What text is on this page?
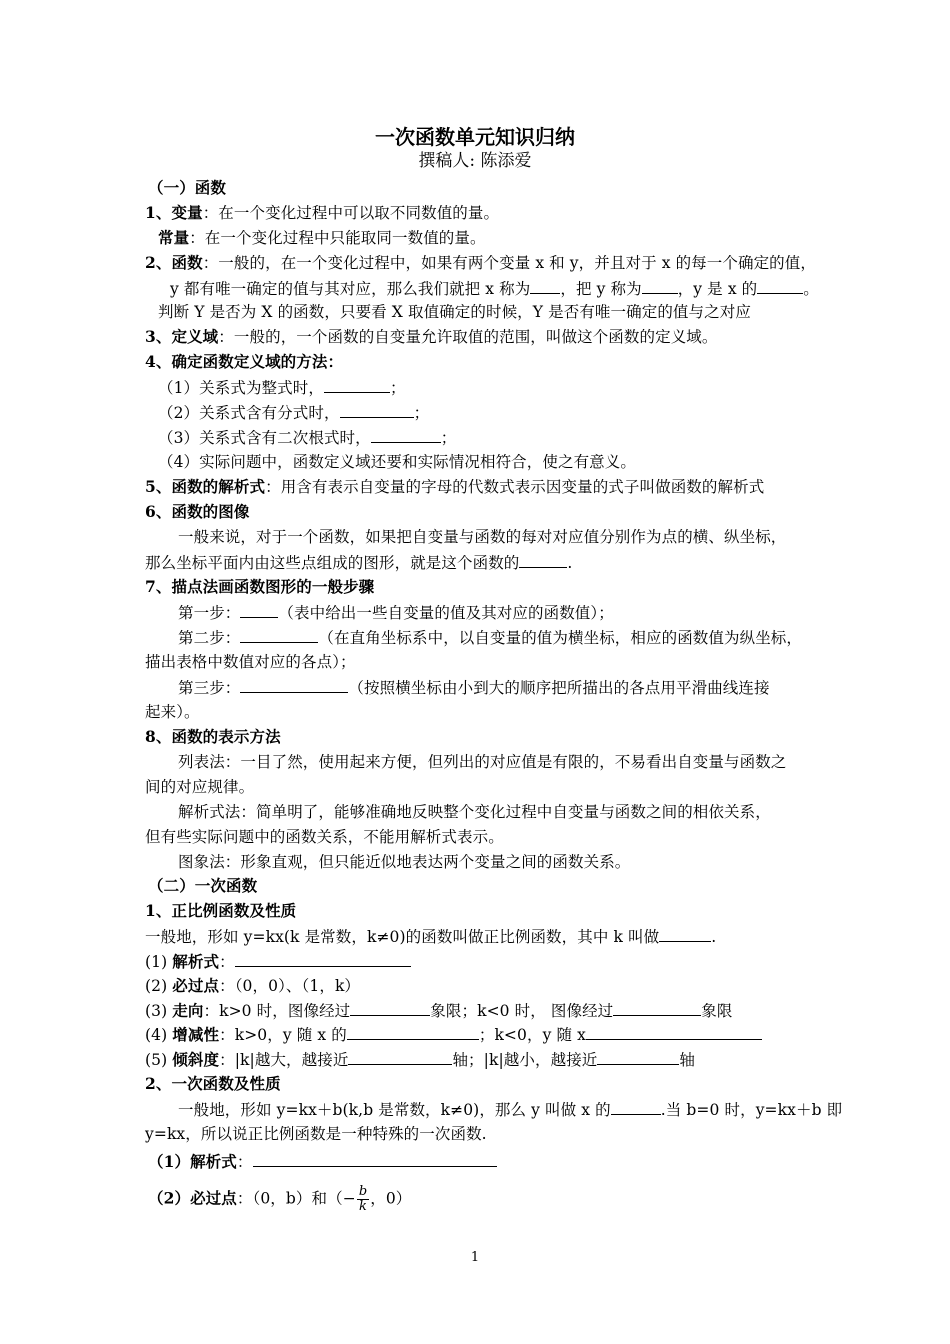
一次函数单元知识归纳
撰稿人: 陈添爱
（一）函数
1、变量：在一个变化过程中可以取不同数值的量。
常量：在一个变化过程中只能取同一数值的量。
2、函数：一般的，在一个变化过程中，如果有两个变量 x 和 y，并且对于 x 的每一个确定的值，
y 都有唯一确定的值与其对应，那么我们就把 x 称为 ，把 y 称为 ，y 是 x 的	。
判断 Y 是否为 X 的函数，只要看 X 取值确定的时候，Y 是否有唯一确定的值与之对应
3、定义域：一般的，一个函数的自变量允许取值的范围，叫做这个函数的定义域。
4、确定函数定义域的方法：
（1）关系式为整式时，	；
（2）关系式含有分式时，	；
（3）关系式含有二次根式时，	；
（4）实际问题中，函数定义域还要和实际情况相符合，使之有意义。
5、函数的解析式：用含有表示自变量的字母的代数式表示因变量的式子叫做函数的解析式
6、函数的图像
一般来说，对于一个函数，如果把自变量与函数的每对对应值分别作为点的横、纵坐标，
那么坐标平面内由这些点组成的图形，就是这个函数的	.
7、描点法画函数图形的一般步骤
第一步： （表中给出一些自变量的值及其对应的函数值）；
第二步：	（在直角坐标系中，以自变量的值为横坐标，相应的函数值为纵坐标，
描出表格中数值对应的各点）；
第三步：	（按照横坐标由小到大的顺序把所描出的各点用平滑曲线连接
起来）。
8、函数的表示方法
列表法：一目了然，使用起来方便，但列出的对应值是有限的，不易看出自变量与函数之
间的对应规律。
解析式法：简单明了，能够准确地反映整个变化过程中自变量与函数之间的相依关系，
但有些实际问题中的函数关系，不能用解析式表示。
图象法：形象直观，但只能近似地表达两个变量之间的函数关系。
（二）一次函数
1、正比例函数及性质
一般地，形如 y=kx(k 是常数，k≠0)的函数叫做正比例函数，其中 k 叫做	.
(1) 解析式：
(2) 必过点：（0，0）、（1，k）
(3) 走向：k>0 时，图像经过	象限；k<0 时， 图像经过	象限
(4) 增减性：k>0，y 随 x 的	；k<0，y 随 x
(5) 倾斜度：|k|越大，越接近	轴；|k|越小，越接近	轴
2、一次函数及性质
一般地，形如 y=kx＋b(k,b 是常数，k≠0)，那么 y 叫做 x 的	.当 b=0 时，y=kx＋b 即
y=kx，所以说正比例函数是一种特殊的一次函数.
（1）解析式：
（2）必过点：（0，b）和（− $\frac{b}{k}$ ，0）
1
